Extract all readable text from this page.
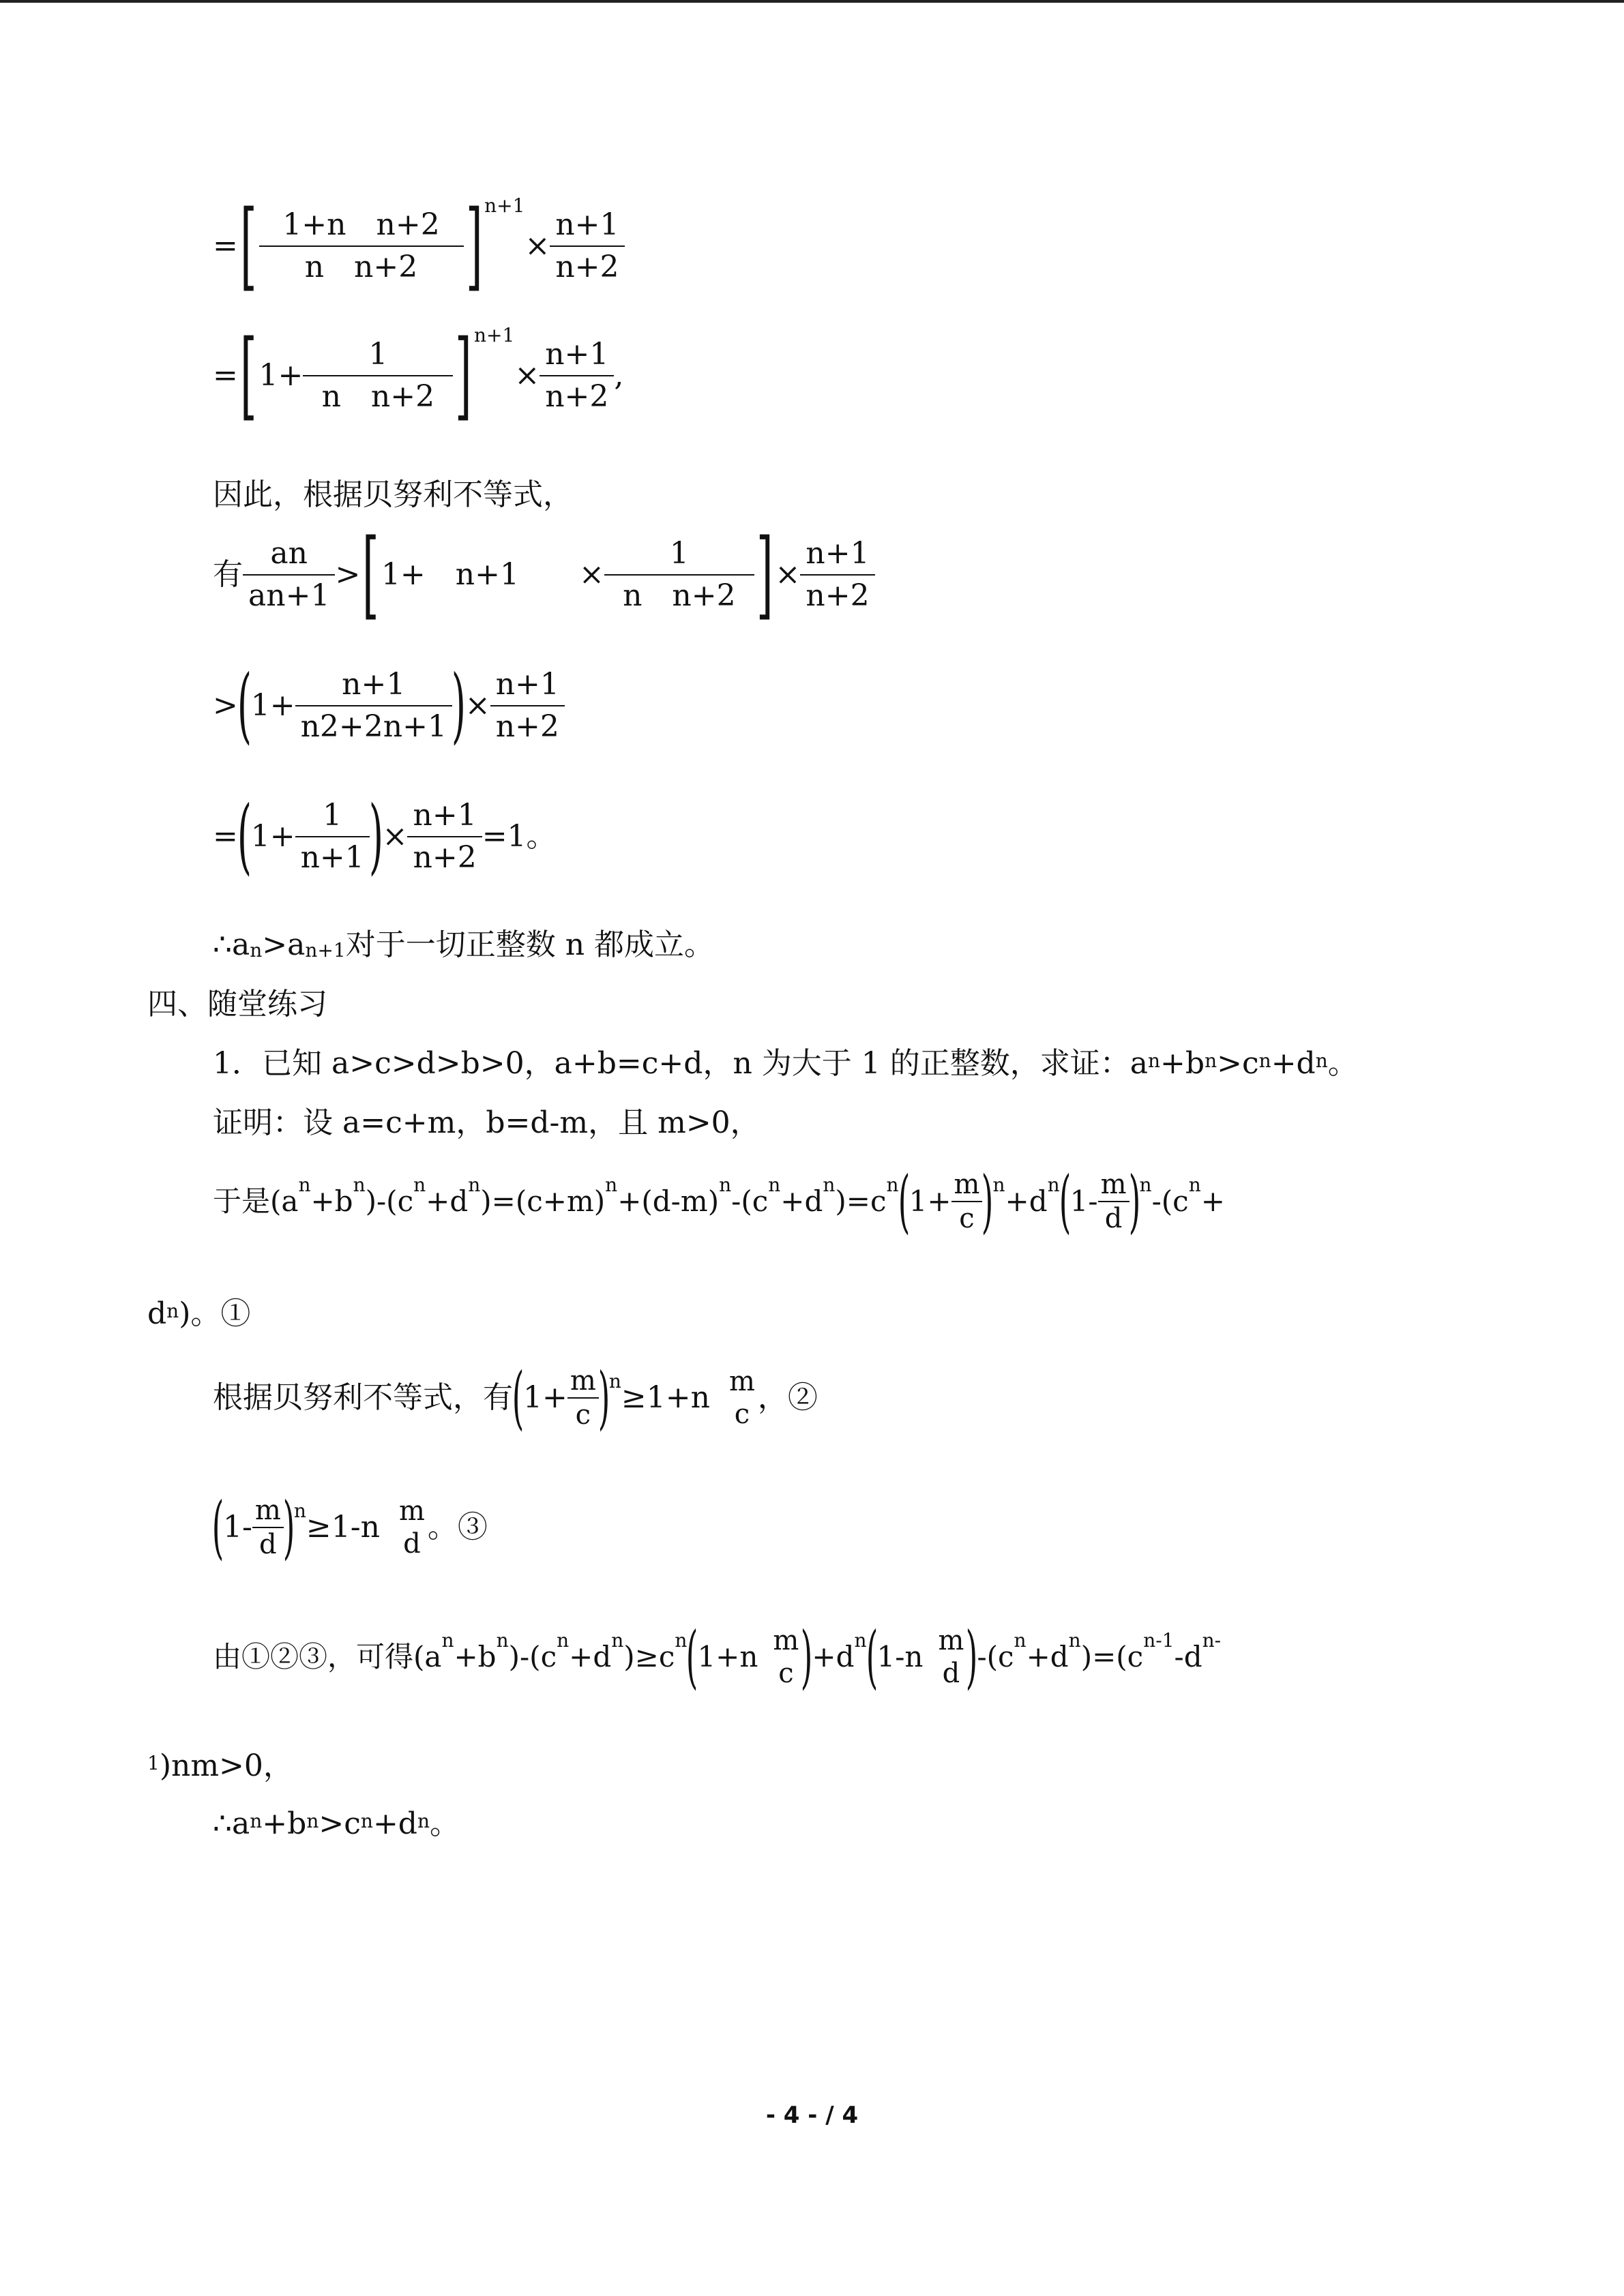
=[ $\frac{\text{1+n　n+2}}{\text{n　n+2}}$ ] $^{n+1}\times \frac{n+1}{n+2}$
$=[1+ \frac{1}{\text{n　n+2}}$ ] $^{n+1}\times \frac{n+1}{n+2}$ ,
因此，根据贝努利不等式，
有 $\frac{an}{an+1} >[1+$　n+1　　× $\frac{1}{\text{n　n+2}}$ ]× $\frac{n+1}{n+2}$
$>(1+ \frac{n+1}{n2+2n+1}$
)× $\frac{n+1}{n+2}$
$=(1+ \frac{1}{n+1}$
)× $\frac{n+1}{n+2} =1$。
∴an>an+1对于一切正整数 n 都成立。
四、随堂练习
1．已知 a>c>d>b>0，a+b=c+d，n 为大于 1 的正整数，求证：$a^n+b^n>c^n+d^n$。
证明：设 a=c+m，b=d-m，且 m>0，
于是$(a^n+b^n)-(c^n+d^n)=(c+m)^n+(d-m)^n-(c^n+d^n)=c^n(1+ \frac{m}{c}$
)$^n+d^n(1- \frac{m}{d}$
)$^n-(c^n+$
$d^n$)。①
根据贝努利不等式，有($1+ \frac{m}{c}$
)$^n$≥1+n m
c ，②
($1- \frac{m}{d}$
)$^n$≥1-n m
d 。③
由①②③，可得$(a^n+b^n)-(c^n+d^n)\ge c^n(1+n$ m
c )$+d^n(1-n$ m
d )$-(c^n+d^n)=(c^{n-1}-d^{n-}$
$^1$)nm>0，
$\therefore a^n+b^n>c^n+d^n$。
- 4 - / 4
